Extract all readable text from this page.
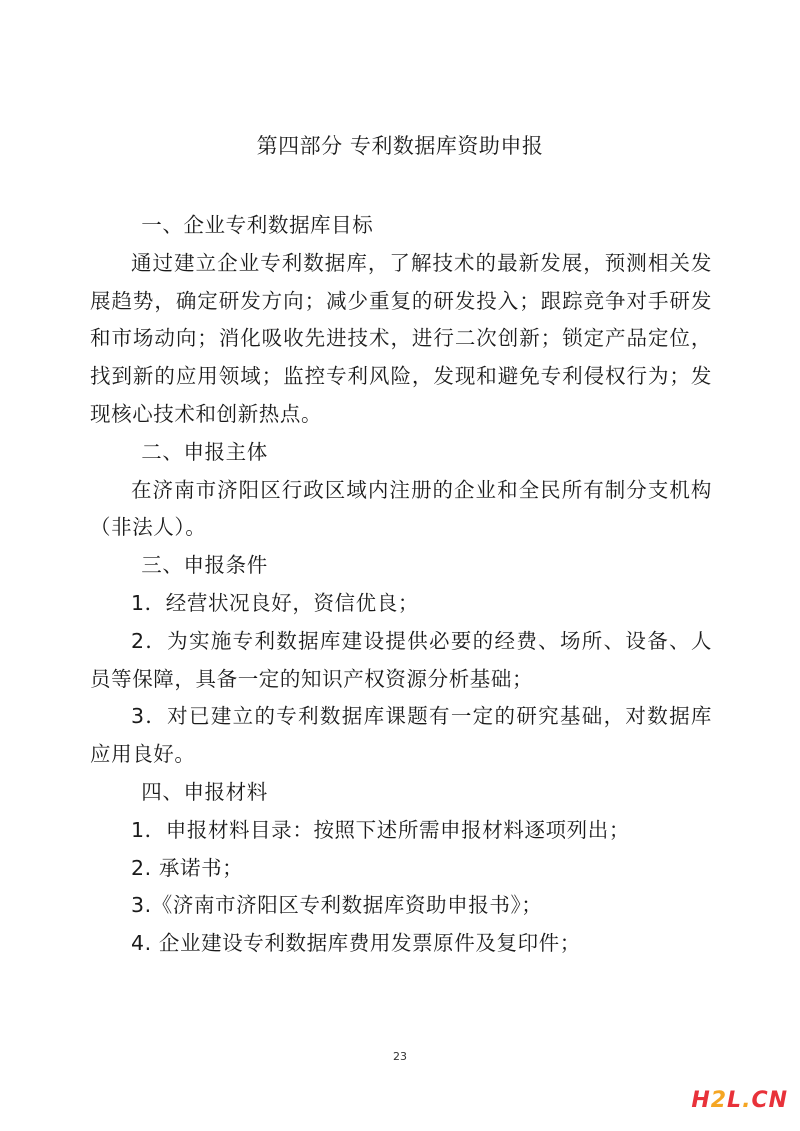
第四部分 专利数据库资助申报

一、企业专利数据库目标

通过建立企业专利数据库，了解技术的最新发展，预测相关发展趋势，确定研发方向；减少重复的研发投入；跟踪竞争对手研发和市场动向；消化吸收先进技术，进行二次创新；锁定产品定位，找到新的应用领域；监控专利风险，发现和避免专利侵权行为；发现核心技术和创新热点。

二、申报主体

在济南市济阳区行政区域内注册的企业和全民所有制分支机构（非法人）。

三、申报条件

1．经营状况良好，资信优良；

2．为实施专利数据库建设提供必要的经费、场所、设备、人员等保障，具备一定的知识产权资源分析基础；

3．对已建立的专利数据库课题有一定的研究基础，对数据库应用良好。

四、申报材料

1．申报材料目录：按照下述所需申报材料逐项列出；

2. 承诺书；

3.《济南市济阳区专利数据库资助申报书》；

4. 企业建设专利数据库费用发票原件及复印件；

23
H2L.CN
